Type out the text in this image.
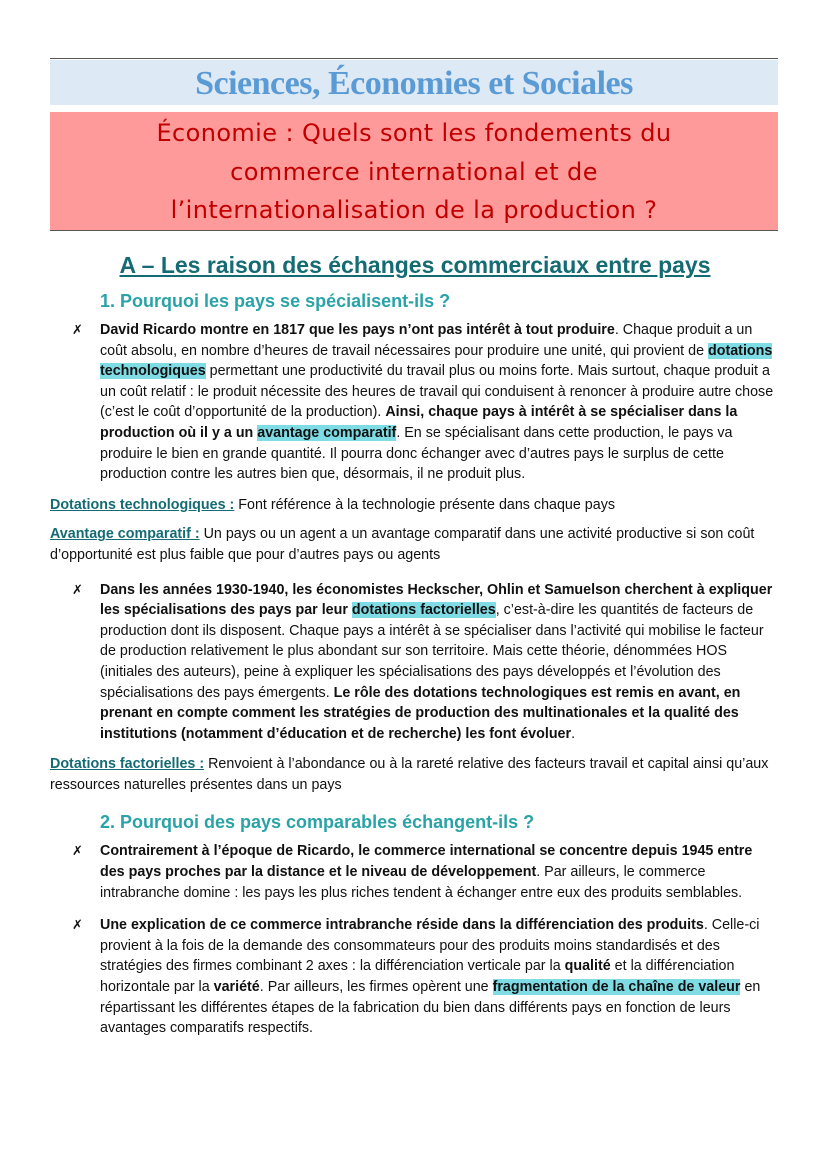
Sciences, Économies et Sociales
Économie : Quels sont les fondements du
commerce international et de
l’internationalisation de la production ?
A – Les raison des échanges commerciaux entre pays
1. Pourquoi les pays se spécialisent-ils ?

✗ David Ricardo montre en 1817 que les pays n’ont pas intérêt à tout produire. Chaque produit a un coût absolu, en nombre d’heures de travail nécessaires pour produire une unité, qui provient de dotations technologiques permettant une productivité du travail plus ou moins forte. Mais surtout, chaque produit a un coût relatif : le produit nécessite des heures de travail qui conduisent à renoncer à produire autre chose (c’est le coût d’opportunité de la production). Ainsi, chaque pays à intérêt à se spécialiser dans la production où il y a un avantage comparatif. En se spécialisant dans cette production, le pays va produire le bien en grande quantité. Il pourra donc échanger avec d’autres pays le surplus de cette production contre les autres bien que, désormais, il ne produit plus.

Dotations technologiques : Font référence à la technologie présente dans chaque pays

Avantage comparatif : Un pays ou un agent a un avantage comparatif dans une activité productive si son coût d’opportunité est plus faible que pour d’autres pays ou agents

✗ Dans les années 1930-1940, les économistes Heckscher, Ohlin et Samuelson cherchent à expliquer les spécialisations des pays par leur dotations factorielles, c’est-à-dire les quantités de facteurs de production dont ils disposent. Chaque pays a intérêt à se spécialiser dans l’activité qui mobilise le facteur de production relativement le plus abondant sur son territoire. Mais cette théorie, dénommées HOS (initiales des auteurs), peine à expliquer les spécialisations des pays développés et l’évolution des spécialisations des pays émergents. Le rôle des dotations technologiques est remis en avant, en prenant en compte comment les stratégies de production des multinationales et la qualité des institutions (notamment d’éducation et de recherche) les font évoluer.

Dotations factorielles : Renvoient à l’abondance ou à la rareté relative des facteurs travail et capital ainsi qu’aux ressources naturelles présentes dans un pays

2. Pourquoi des pays comparables échangent-ils ?

✗ Contrairement à l’époque de Ricardo, le commerce international se concentre depuis 1945 entre des pays proches par la distance et le niveau de développement. Par ailleurs, le commerce intrabranche domine : les pays les plus riches tendent à échanger entre eux des produits semblables.

✗ Une explication de ce commerce intrabranche réside dans la différenciation des produits. Celle-ci provient à la fois de la demande des consommateurs pour des produits moins standardisés et des stratégies des firmes combinant 2 axes : la différenciation verticale par la qualité et la différenciation horizontale par la variété. Par ailleurs, les firmes opèrent une fragmentation de la chaîne de valeur en répartissant les différentes étapes de la fabrication du bien dans différents pays en fonction de leurs avantages comparatifs respectifs.
